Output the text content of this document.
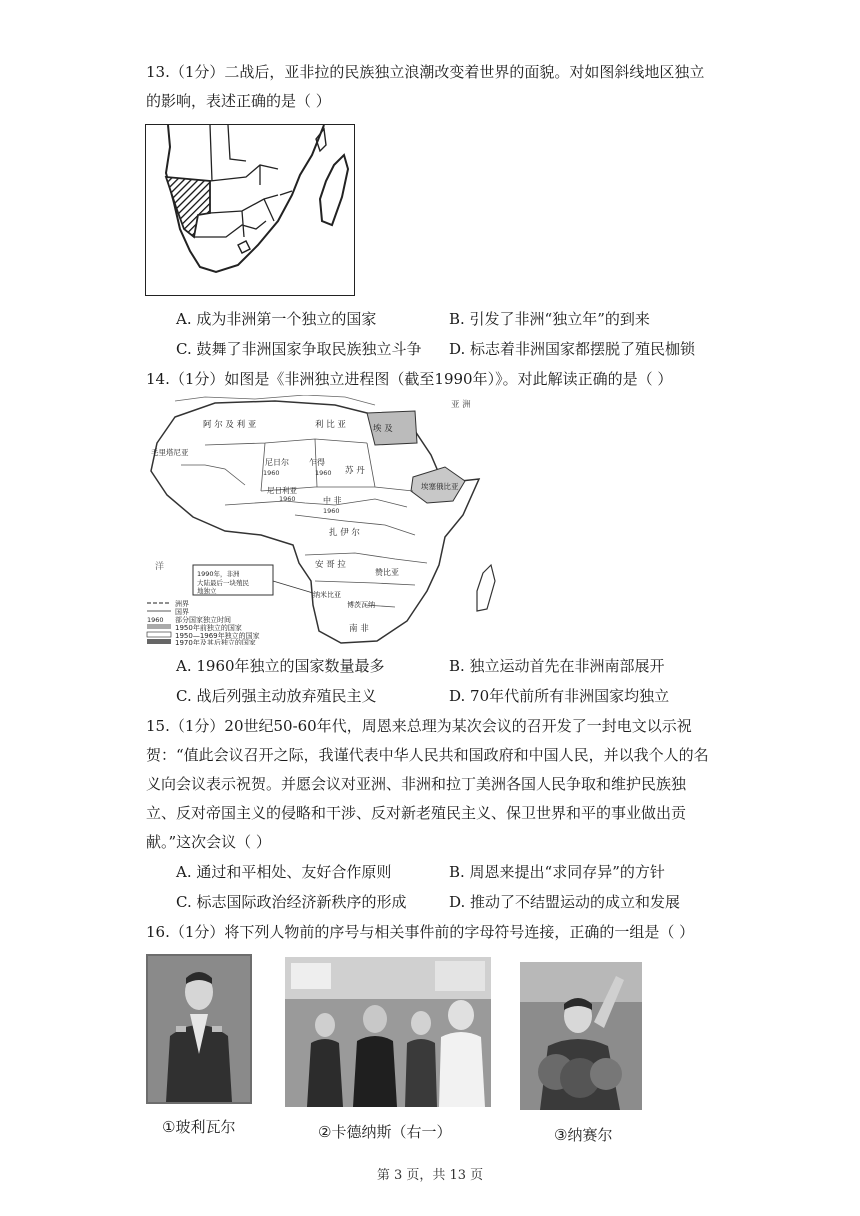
13.（1分）二战后，亚非拉的民族独立浪潮改变着世界的面貌。对如图斜线地区独立
的影响，表述正确的是（ ）
A. 成为非洲第一个独立的国家	B. 引发了非洲“独立年”的到来
C. 鼓舞了非洲国家争取民族独立斗争 D. 标志着非洲国家都摆脱了殖民枷锁
14.（1分）如图是《非洲独立进程图（截至1990年）》。对此解读正确的是（ ）
阿 尔 及 利 亚	利 比 亚	埃 及
亚 洲
尼日尔	乍得
苏 丹
埃塞俄比亚
毛里塔尼亚
尼日利亚
中 非
扎 伊 尔
安 哥 拉
赞比亚
南 非
博茨瓦纳
纳米比亚
洋
1960	1960
1960
1960
1990年，非洲
大陆最后一块殖民
地独立
洲界
国界
1960 部分国家独立时间
1950年前独立的国家
1950—1969年独立的国家
1970年及其后独立的国家
A. 1960年独立的国家数量最多	B. 独立运动首先在非洲南部展开
C. 战后列强主动放弃殖民主义	D. 70年代前所有非洲国家均独立
15.（1分）20世纪50-60年代，周恩来总理为某次会议的召开发了一封电文以示祝
贺：“值此会议召开之际，我谨代表中华人民共和国政府和中国人民，并以我个人的名
义向会议表示祝贺。并愿会议对亚洲、非洲和拉丁美洲各国人民争取和维护民族独
立、反对帝国主义的侵略和干涉、反对新老殖民主义、保卫世界和平的事业做出贡
献。”这次会议（ ）
A. 通过和平相处、友好合作原则	B. 周恩来提出“求同存异”的方针
C. 标志国际政治经济新秩序的形成	D. 推动了不结盟运动的成立和发展
16.（1分）将下列人物前的序号与相关事件前的字母符号连接，正确的一组是（ ）
①玻利瓦尔	②卡德纳斯（右一）	③纳赛尔
第 3 页，共 13 页
